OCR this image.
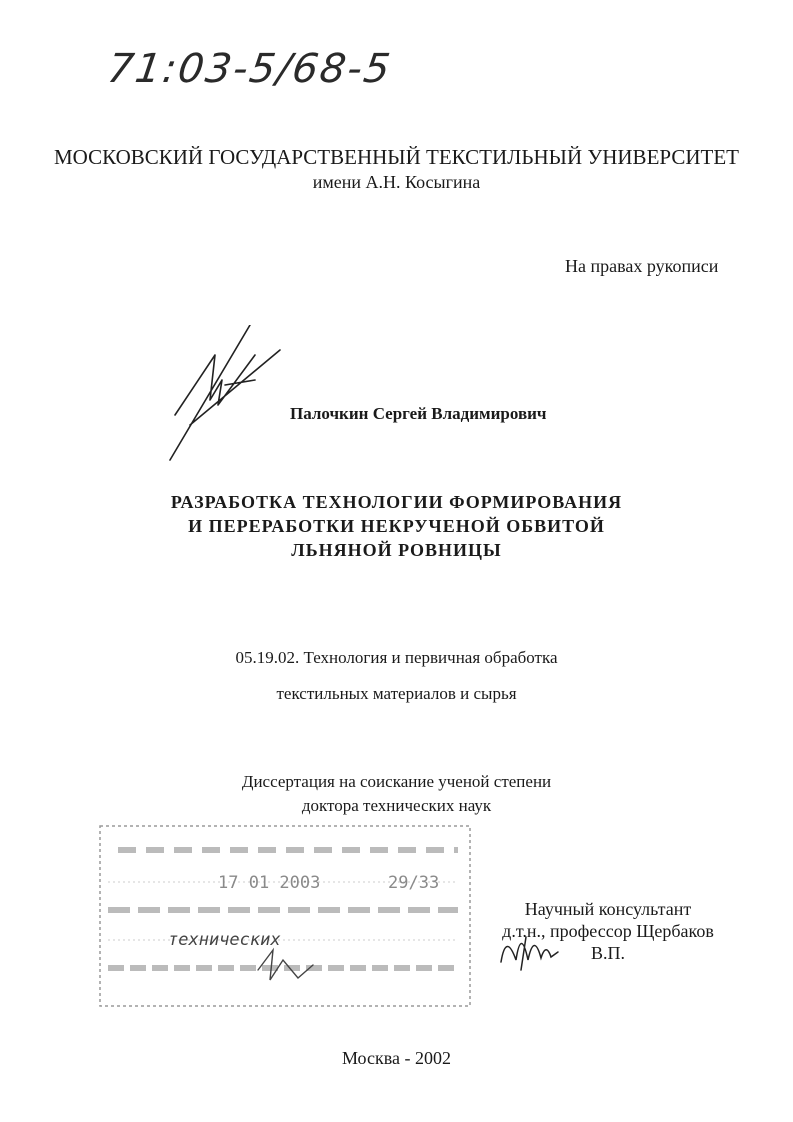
71:03-5/68-5
МОСКОВСКИЙ ГОСУДАРСТВЕННЫЙ ТЕКСТИЛЬНЫЙ УНИВЕРСИТЕТ
имени А.Н. Косыгина
На правах рукописи
Палочкин Сергей Владимирович
РАЗРАБОТКА ТЕХНОЛОГИИ ФОРМИРОВАНИЯ
И ПЕРЕРАБОТКИ НЕКРУЧЕНОЙ ОБВИТОЙ
ЛЬНЯНОЙ РОВНИЦЫ
05.19.02. Технология и первичная обработка
текстильных материалов и сырья
Диссертация на соискание ученой степени
доктора технических наук
17 01 2003	29/33
технических
Научный консультант
д.т.н., профессор Щербаков В.П.
Москва - 2002
